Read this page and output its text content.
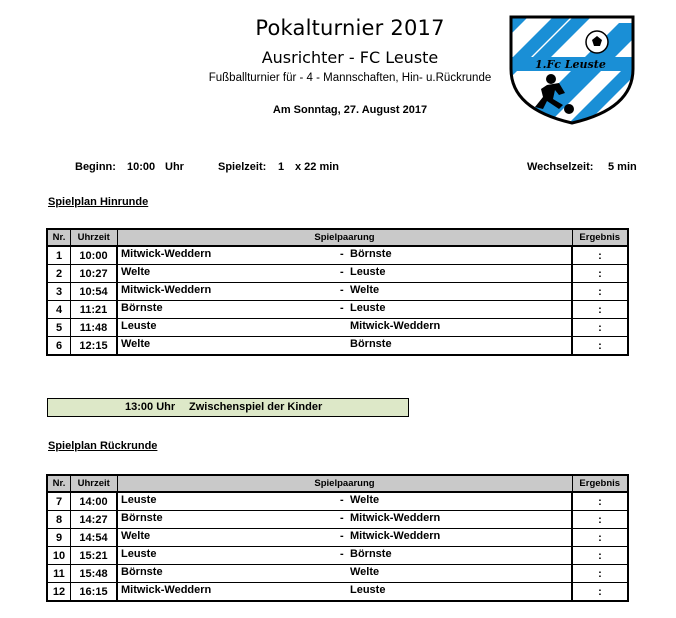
Pokalturnier 2017
Ausrichter - FC Leuste
Fußballturnier für - 4 - Mannschaften, Hin- u.Rückrunde
Am Sonntag, 27. August 2017
1.Fc Leuste
Beginn: 10:00 Uhr	Spielzeit: 1 x 22 min	Wechselzeit: 5 min
Spielplan Hinrunde
Nr.	Uhrzeit	Spielpaarung	Ergebnis
1	10:00	Mitwick-Weddern - Börnste	:
2	10:27	Welte - Leuste	:
3	10:54	Mitwick-Weddern - Welte	:
4	11:21	Börnste - Leuste	:
5	11:48	Leuste Mitwick-Weddern	:
6	12:15	Welte Börnste	:
13:00 Uhr Zwischenspiel der Kinder
Spielplan Rückrunde
Nr.	Uhrzeit	Spielpaarung	Ergebnis
7	14:00	Leuste - Welte	:
8	14:27	Börnste - Mitwick-Weddern	:
9	14:54	Welte - Mitwick-Weddern	:
10	15:21	Leuste - Börnste	:
11	15:48	Börnste Welte	:
12	16:15	Mitwick-Weddern Leuste	:
